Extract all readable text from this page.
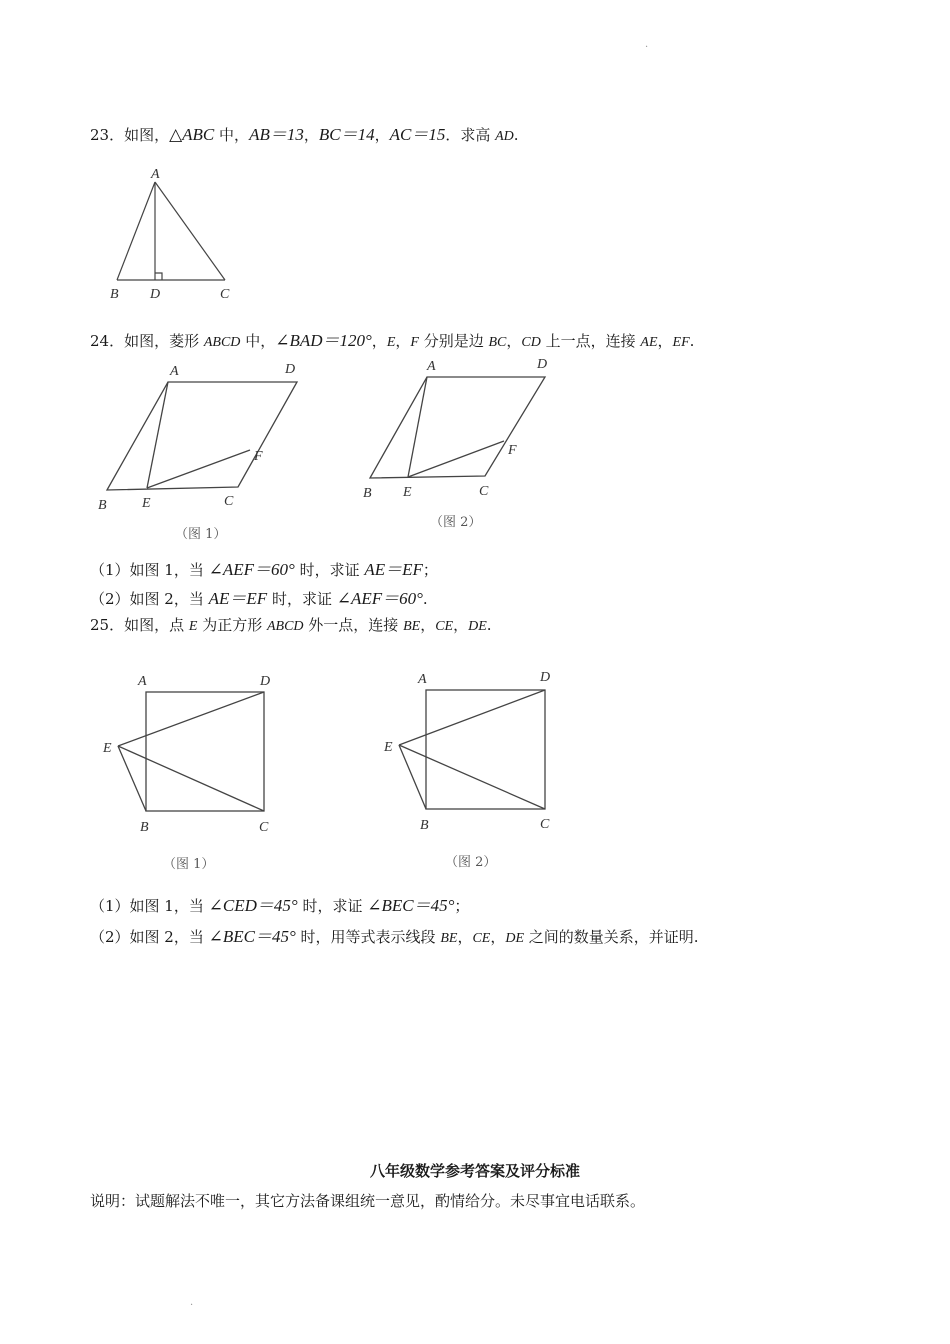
·
23．如图，△ABC 中，AB＝13，BC＝14，AC＝15．求高 AD.
A
B D	C
24．如图，菱形 ABCD 中，∠BAD＝120°，E，F 分别是边 BC，CD 上一点，连接 AE，EF.
A	D
F
B	E	C
（图 1）
A	D
F
B E	C
（图 2）
（1）如图 1，当 ∠AEF＝60° 时，求证 AE＝EF；
（2）如图 2，当 AE＝EF 时，求证 ∠AEF＝60°.
25．如图，点 E 为正方形 ABCD 外一点，连接 BE，CE，DE.
A	D
E
B	C
（图 1）
A	D
E
B	C
（图 2）
（1）如图 1，当 ∠CED＝45° 时，求证 ∠BEC＝45°；
（2）如图 2，当 ∠BEC＝45° 时，用等式表示线段 BE，CE，DE 之间的数量关系，并证明.
八年级数学参考答案及评分标准
说明：试题解法不唯一，其它方法备课组统一意见，酌情给分。未尽事宜电话联系。
·
